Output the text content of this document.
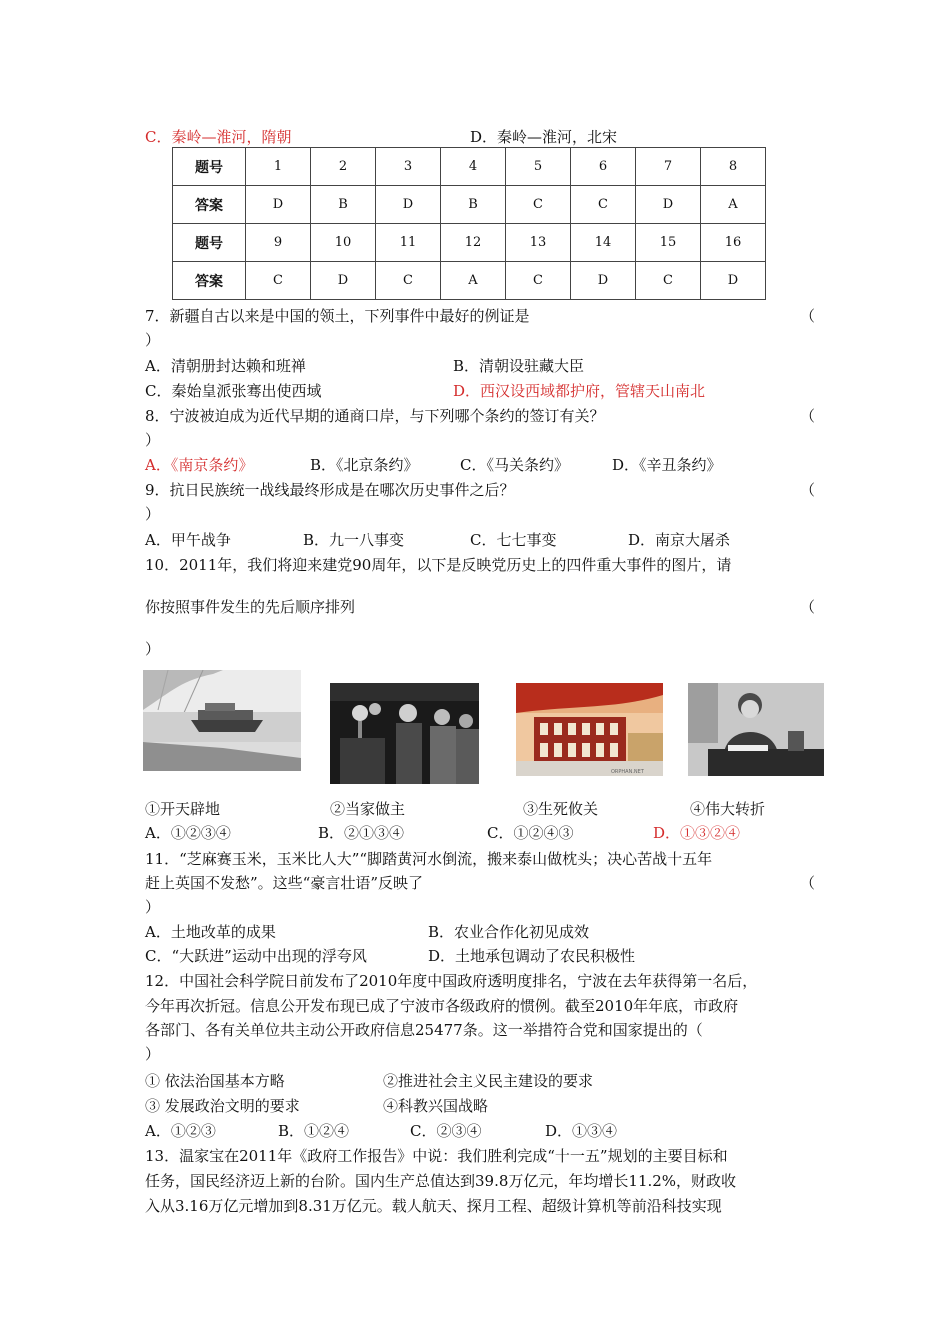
C．秦岭—淮河，隋朝	D．秦岭—淮河，北宋
题号	1	2	3	4	5	6	7	8
答案	D	B	D	B	C	C	D	A
题号	9	10	11	12	13	14	15	16
答案	C	D	C	A	C	D	C	D
7．新疆自古以来是中国的领土，下列事件中最好的例证是	（
）
A．清朝册封达赖和班禅	B．清朝设驻藏大臣
C．秦始皇派张骞出使西域	D．西汉设西域都护府，管辖天山南北
8．宁波被迫成为近代早期的通商口岸，与下列哪个条约的签订有关？	（
）
A．《南京条约》	B．《北京条约》	C．《马关条约》	D．《辛丑条约》
9．抗日民族统一战线最终形成是在哪次历史事件之后？	（
）
A．甲午战争	B．九一八事变	C．七七事变	D．南京大屠杀
10．2011年，我们将迎来建党90周年，以下是反映党历史上的四件重大事件的图片，请
你按照事件发生的先后顺序排列	（
）
ORPHAN.NET
①开天辟地	②当家做主	③生死攸关	④伟大转折
A．①②③④	B．②①③④	C．①②④③	D．①③②④
11．“芝麻赛玉米，玉米比人大”“脚踏黄河水倒流，搬来泰山做枕头；决心苦战十五年
赶上英国不发愁”。这些“豪言壮语”反映了	（
）
A．土地改革的成果	B．农业合作化初见成效
C．“大跃进”运动中出现的浮夸风	D．土地承包调动了农民积极性
12．中国社会科学院日前发布了2010年度中国政府透明度排名，宁波在去年获得第一名后，
今年再次折冠。信息公开发布现已成了宁波市各级政府的惯例。截至2010年年底，市政府
各部门、各有关单位共主动公开政府信息25477条。这一举措符合党和国家提出的（
）
① 依法治国基本方略	②推进社会主义民主建设的要求
③ 发展政治文明的要求	④科教兴国战略
A．①②③	B．①②④	C．②③④	D．①③④
13．温家宝在2011年《政府工作报告》中说：我们胜利完成“十一五”规划的主要目标和
任务，国民经济迈上新的台阶。国内生产总值达到39.8万亿元，年均增长11.2%，财政收
入从3.16万亿元增加到8.31万亿元。载人航天、探月工程、超级计算机等前沿科技实现
